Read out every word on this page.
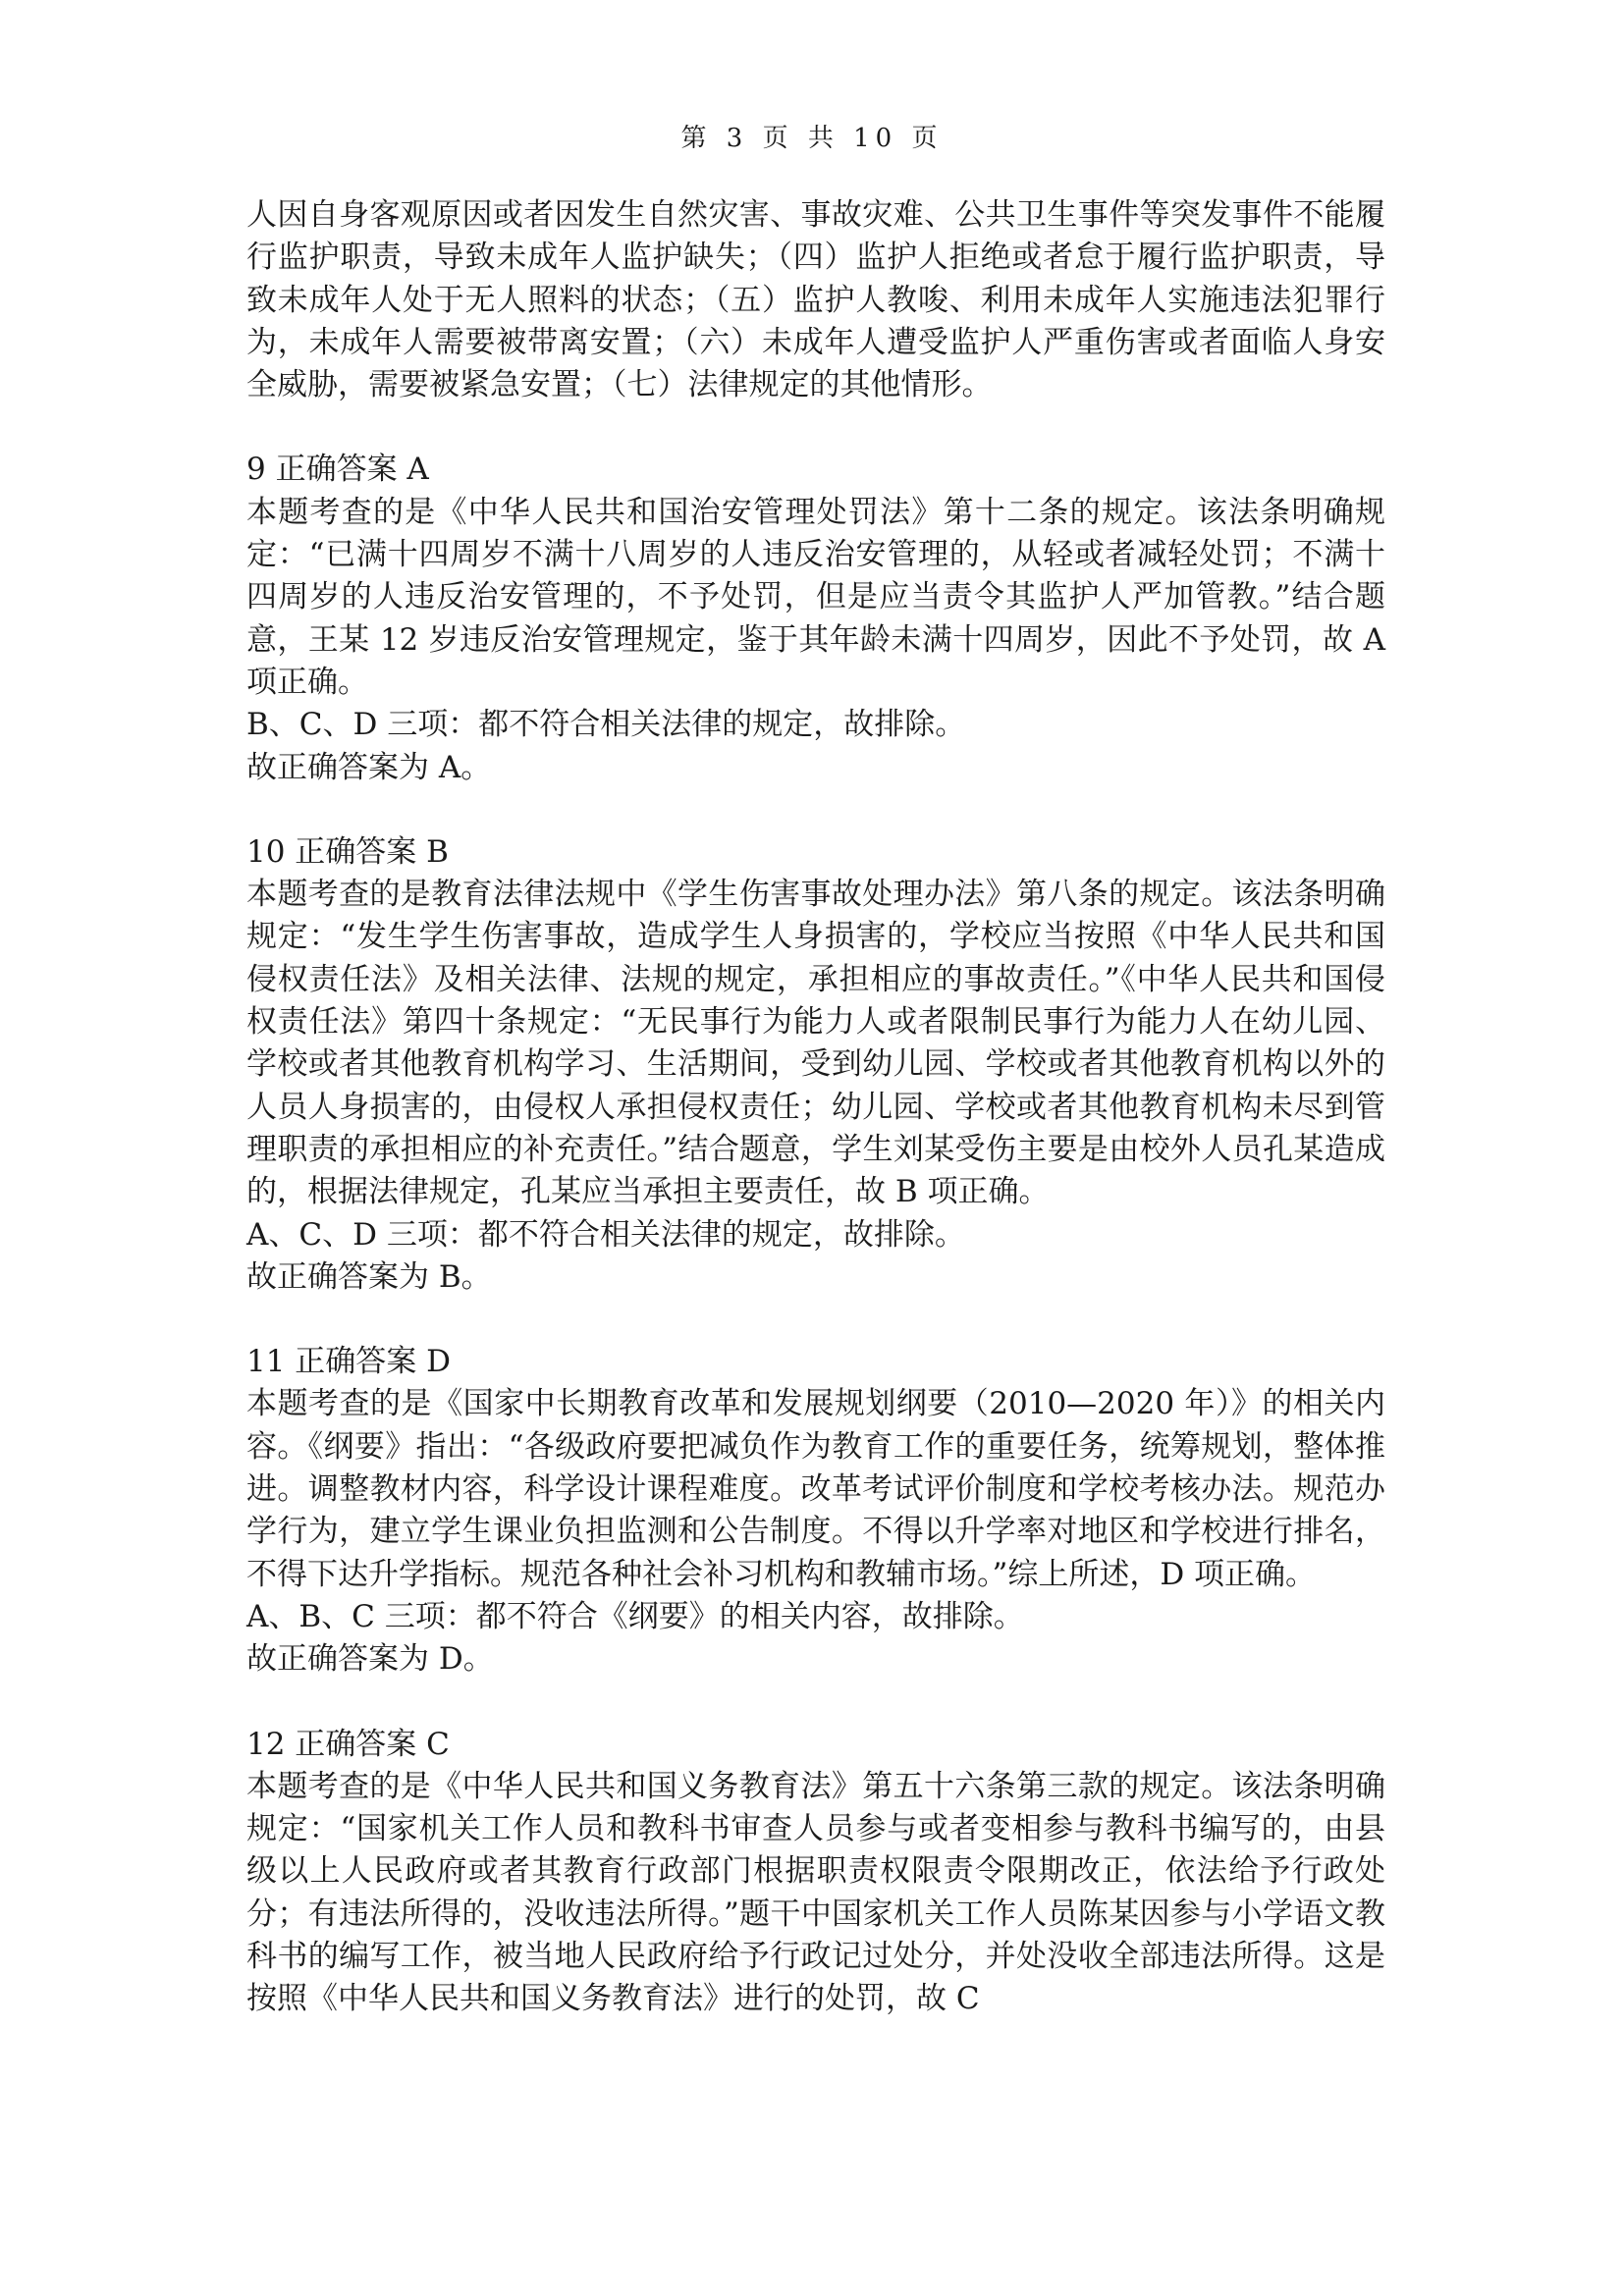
第 3 页 共 10 页

人因自身客观原因或者因发生自然灾害、事故灾难、公共卫生事件等突发事件不能履行监护职责，导致未成年人监护缺失；（四）监护人拒绝或者怠于履行监护职责，导致未成年人处于无人照料的状态；（五）监护人教唆、利用未成年人实施违法犯罪行为，未成年人需要被带离安置；（六）未成年人遭受监护人严重伤害或者面临人身安全威胁，需要被紧急安置；（七）法律规定的其他情形。

9 正确答案 A

本题考查的是《中华人民共和国治安管理处罚法》第十二条的规定。该法条明确规定：“已满十四周岁不满十八周岁的人违反治安管理的，从轻或者减轻处罚；不满十四周岁的人违反治安管理的，不予处罚，但是应当责令其监护人严加管教。”结合题意，王某 12 岁违反治安管理规定，鉴于其年龄未满十四周岁，因此不予处罚，故 A 项正确。

B、C、D 三项：都不符合相关法律的规定，故排除。

故正确答案为 A。

10 正确答案 B

本题考查的是教育法律法规中《学生伤害事故处理办法》第八条的规定。该法条明确规定：“发生学生伤害事故，造成学生人身损害的，学校应当按照《中华人民共和国侵权责任法》及相关法律、法规的规定，承担相应的事故责任。”《中华人民共和国侵权责任法》第四十条规定：“无民事行为能力人或者限制民事行为能力人在幼儿园、学校或者其他教育机构学习、生活期间，受到幼儿园、学校或者其他教育机构以外的人员人身损害的，由侵权人承担侵权责任；幼儿园、学校或者其他教育机构未尽到管理职责的承担相应的补充责任。”结合题意，学生刘某受伤主要是由校外人员孔某造成的，根据法律规定，孔某应当承担主要责任，故 B 项正确。

A、C、D 三项：都不符合相关法律的规定，故排除。

故正确答案为 B。

11 正确答案 D

本题考查的是《国家中长期教育改革和发展规划纲要（2010—2020 年）》的相关内容。《纲要》指出：“各级政府要把减负作为教育工作的重要任务，统筹规划，整体推进。调整教材内容，科学设计课程难度。改革考试评价制度和学校考核办法。规范办学行为，建立学生课业负担监测和公告制度。不得以升学率对地区和学校进行排名，不得下达升学指标。规范各种社会补习机构和教辅市场。”综上所述，D 项正确。

A、B、C 三项：都不符合《纲要》的相关内容，故排除。

故正确答案为 D。

12 正确答案 C

本题考查的是《中华人民共和国义务教育法》第五十六条第三款的规定。该法条明确规定：“国家机关工作人员和教科书审查人员参与或者变相参与教科书编写的，由县级以上人民政府或者其教育行政部门根据职责权限责令限期改正，依法给予行政处分；有违法所得的，没收违法所得。”题干中国家机关工作人员陈某因参与小学语文教科书的编写工作，被当地人民政府给予行政记过处分，并处没收全部违法所得。这是按照《中华人民共和国义务教育法》进行的处罚，故 C
